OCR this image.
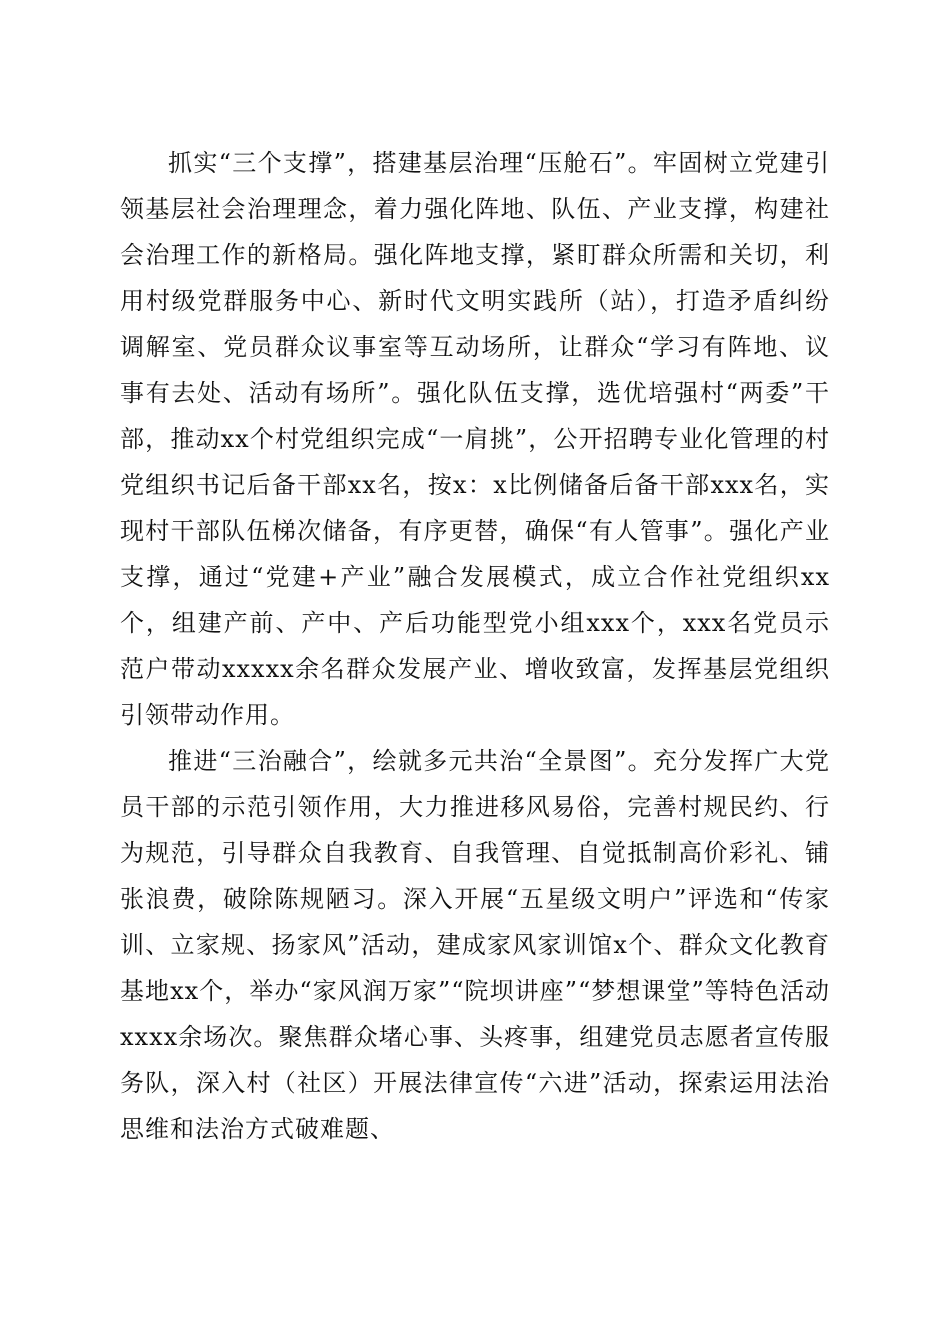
抓实“三个支撑”，搭建基层治理“压舱石”。牢固树立党建引领基层社会治理理念，着力强化阵地、队伍、产业支撑，构建社会治理工作的新格局。强化阵地支撑，紧盯群众所需和关切，利用村级党群服务中心、新时代文明实践所（站），打造矛盾纠纷调解室、党员群众议事室等互动场所，让群众“学习有阵地、议事有去处、活动有场所”。强化队伍支撑，选优培强村“两委”干部，推动xx个村党组织完成“一肩挑”，公开招聘专业化管理的村党组织书记后备干部xx名，按x：x比例储备后备干部xxx名，实现村干部队伍梯次储备，有序更替，确保“有人管事”。强化产业支撑，通过“党建+产业”融合发展模式，成立合作社党组织xx个，组建产前、产中、产后功能型党小组xxx个，xxx名党员示范户带动xxxxx余名群众发展产业、增收致富，发挥基层党组织引领带动作用。

推进“三治融合”，绘就多元共治“全景图”。充分发挥广大党员干部的示范引领作用，大力推进移风易俗，完善村规民约、行为规范，引导群众自我教育、自我管理、自觉抵制高价彩礼、铺张浪费，破除陈规陋习。深入开展“五星级文明户”评选和“传家训、立家规、扬家风”活动，建成家风家训馆x个、群众文化教育基地xx个，举办“家风润万家”“院坝讲座”“梦想课堂”等特色活动xxxx余场次。聚焦群众堵心事、头疼事，组建党员志愿者宣传服务队，深入村（社区）开展法律宣传“六进”活动，探索运用法治思维和法治方式破难题、
